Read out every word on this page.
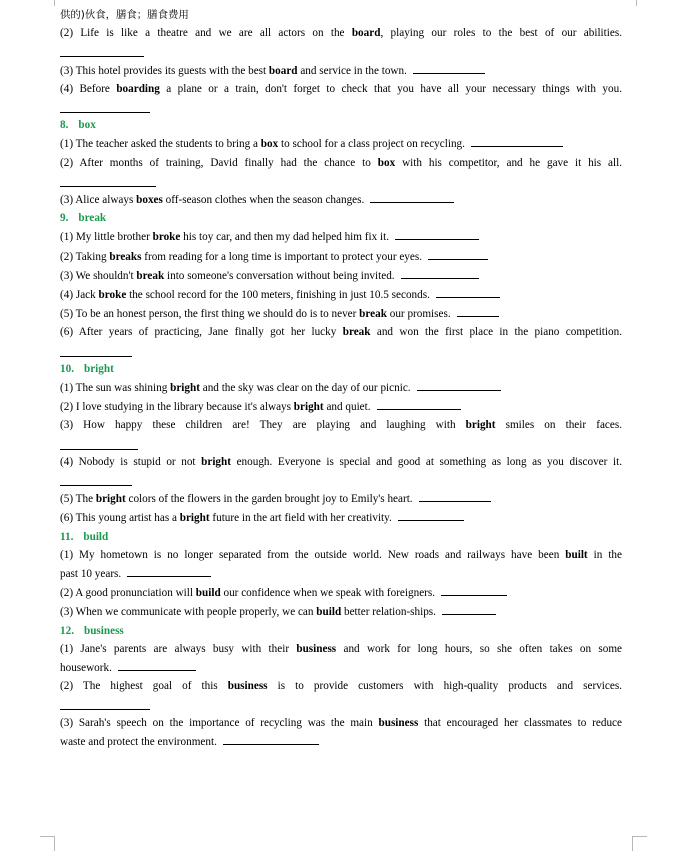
供的)伙食，膳食；膳食费用
(2) Life is like a theatre and we are all actors on the board, playing our roles to the best of our abilities.
(3) This hotel provides its guests with the best board and service in the town.
(4) Before boarding a plane or a train, don't forget to check that you have all your necessary things with you.
8. box
(1) The teacher asked the students to bring a box to school for a class project on recycling.
(2) After months of training, David finally had the chance to box with his competitor, and he gave it his all.
(3) Alice always boxes off-season clothes when the season changes.
9. break
(1) My little brother broke his toy car, and then my dad helped him fix it.
(2) Taking breaks from reading for a long time is important to protect your eyes.
(3) We shouldn't break into someone's conversation without being invited.
(4) Jack broke the school record for the 100 meters, finishing in just 10.5 seconds.
(5) To be an honest person, the first thing we should do is to never break our promises.
(6) After years of practicing, Jane finally got her lucky break and won the first place in the piano competition.
10. bright
(1) The sun was shining bright and the sky was clear on the day of our picnic.
(2) I love studying in the library because it's always bright and quiet.
(3) How happy these children are! They are playing and laughing with bright smiles on their faces.
(4) Nobody is stupid or not bright enough. Everyone is special and good at something as long as you discover it.
(5) The bright colors of the flowers in the garden brought joy to Emily's heart.
(6) This young artist has a bright future in the art field with her creativity.
11. build
(1) My hometown is no longer separated from the outside world. New roads and railways have been built in the
past 10 years.
(2) A good pronunciation will build our confidence when we speak with foreigners.
(3) When we communicate with people properly, we can build better relation-ships.
12. business
(1) Jane's parents are always busy with their business and work for long hours, so she often takes on some
housework.
(2) The highest goal of this business is to provide customers with high-quality products and services.
(3) Sarah's speech on the importance of recycling was the main business that encouraged her classmates to reduce
waste and protect the environment.
